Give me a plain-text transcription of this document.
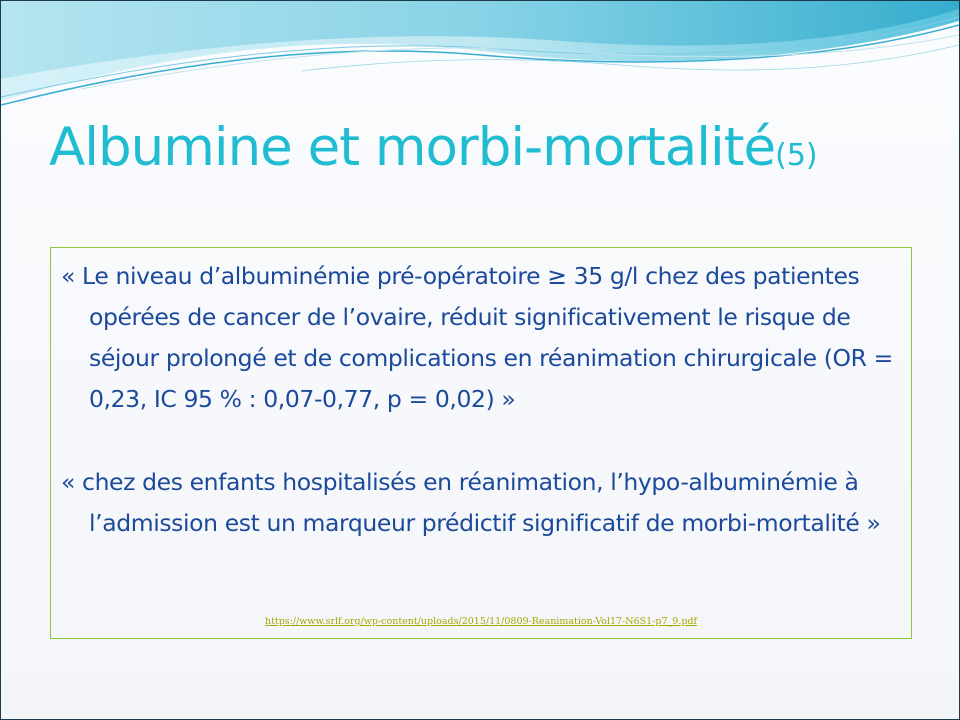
Albumine et morbi-mortalité(5)

« Le niveau d’albuminémie pré-opératoire ≥ 35 g/l chez des patientes opérées de cancer de l’ovaire, réduit significativement le risque de séjour prolongé et de complications en réanimation chirurgicale (OR = 0,23, IC 95 % : 0,07-0,77, p = 0,02) »

« chez des enfants hospitalisés en réanimation, l’hypo-albuminémie à l’admission est un marqueur prédictif significatif de morbi-mortalité »

https://www.srlf.org/wp-content/uploads/2015/11/0809-Reanimation-Vol17-N6S1-p7_9.pdf
